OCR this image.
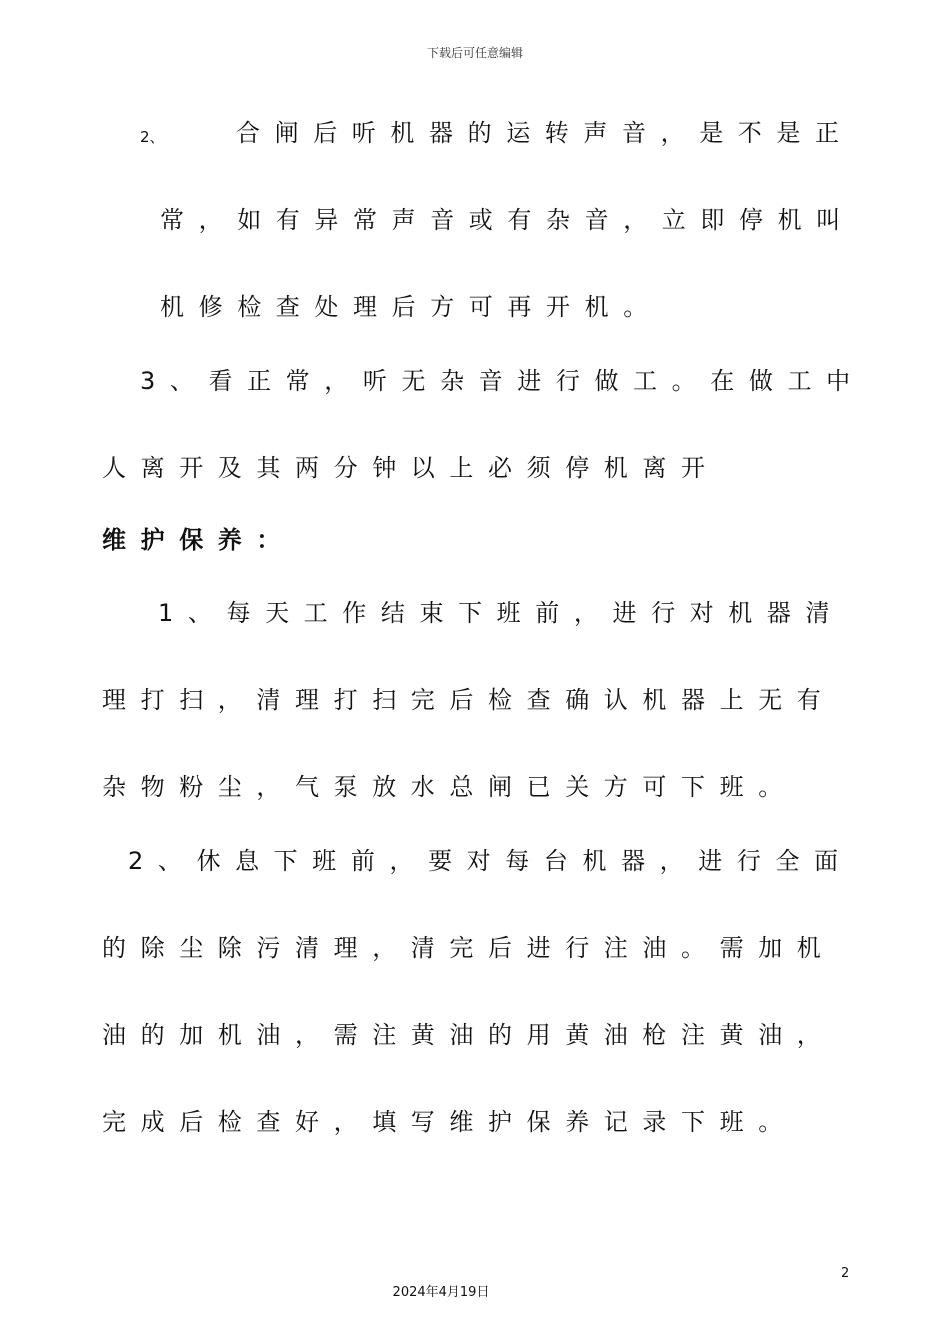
下载后可任意编辑
2、	合闸后听机器的运转声音，是不是正
常，如有异常声音或有杂音，立即停机叫
机修检查处理后方可再开机。
3、看正常，听无杂音进行做工。在做工中
人离开及其两分钟以上必须停机离开
维护保养：
1、每天工作结束下班前，进行对机器清
理打扫，清理打扫完后检查确认机器上无有
杂物粉尘，气泵放水总闸已关方可下班。
2、休息下班前，要对每台机器，进行全面
的除尘除污清理，清完后进行注油。需加机
油的加机油，需注黄油的用黄油枪注黄油，
完成后检查好，填写维护保养记录下班。
2
2024年4月19日
